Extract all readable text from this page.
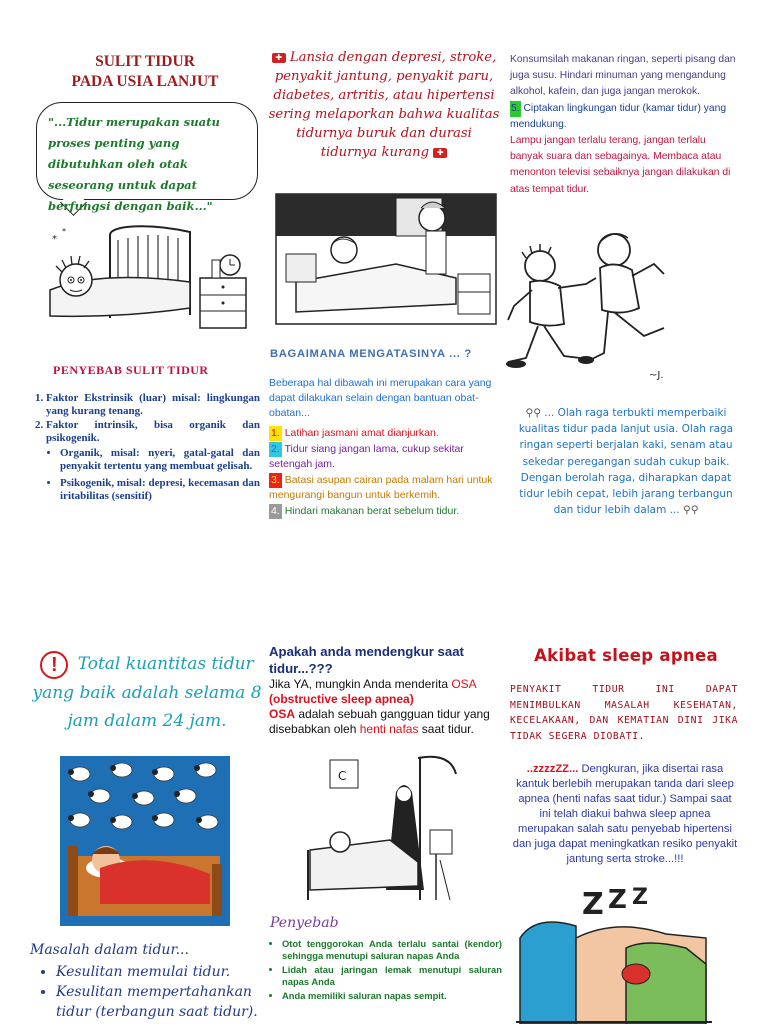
SULIT TIDUR
PADA USIA LANJUT
"...Tidur merupakan suatu proses penting yang dibutuhkan oleh otak seseorang untuk dapat berfungsi dengan baik..."
*
*
PENYEBAB SULIT TIDUR
1. Faktor Ekstrinsik (luar) misal: lingkungan yang kurang tenang.
2. Faktor intrinsik, bisa organik dan psikogenik.
• Organik, misal: nyeri, gatal-gatal dan penyakit tertentu yang membuat gelisah.
• Psikogenik, misal: depresi, kecemasan dan iritabilitas (sensitif)
✚ Lansia dengan depresi, stroke, penyakit jantung, penyakit paru, diabetes, artritis, atau hipertensi sering melaporkan bahwa kualitas tidurnya buruk dan durasi tidurnya kurang ✚
BAGAIMANA MENGATASINYA ... ?
Beberapa hal dibawah ini merupakan cara yang dapat dilakukan selain dengan bantuan obat-obatan...
1. Latihan jasmani amat dianjurkan.
2. Tidur siang jangan lama, cukup sekitar setengah jam.
3. Batasi asupan cairan pada malam hari untuk mengurangi bangun untuk berkemih.
4. Hindari makanan berat sebelum tidur.
Konsumsilah makanan ringan, seperti pisang dan juga susu. Hindari minuman yang mengandung alkohol, kafein, dan juga jangan merokok.
5. Ciptakan lingkungan tidur (kamar tidur) yang mendukung.
Lampu jangan terlalu terang, jangan terlalu banyak suara dan sebagainya. Membaca atau menonton televisi sebaiknya jangan dilakukan di atas tempat tidur.
~J.
⚲⚲ ... Olah raga terbukti memperbaiki kualitas tidur pada lanjut usia. Olah raga ringan seperti berjalan kaki, senam atau sekedar peregangan sudah cukup baik. Dengan berolah raga, diharapkan dapat tidur lebih cepat, lebih jarang terbangun dan tidur lebih dalam ... ⚲⚲
! Total kuantitas tidur yang baik adalah selama 8 jam dalam 24 jam.
Masalah dalam tidur...
• Kesulitan memulai tidur.
• Kesulitan mempertahankan tidur (terbangun saat tidur).
Apakah anda mendengkur saat tidur...???
Jika YA, mungkin Anda menderita OSA
(obstructive sleep apnea)
OSA adalah sebuah gangguan tidur yang disebabkan oleh henti nafas saat tidur.
C
Penyebab
• Otot tenggorokan Anda terlalu santai (kendor) sehingga menutupi saluran napas Anda
• Lidah atau jaringan lemak menutupi saluran napas Anda
• Anda memiliki saluran napas sempit.
Akibat sleep apnea
PENYAKIT TIDUR INI DAPAT MENIMBULKAN MASALAH KESEHATAN, KECELAKAAN, DAN KEMATIAN DINI JIKA TIDAK SEGERA DIOBATI.
..zzzzZZ... Dengkuran, jika disertai rasa kantuk berlebih merupakan tanda dari sleep apnea (henti nafas saat tidur.) Sampai saat ini telah diakui bahwa sleep apnea merupakan salah satu penyebab hipertensi dan juga dapat meningkatkan resiko penyakit jantung serta stroke...!!!
Z Z Z
